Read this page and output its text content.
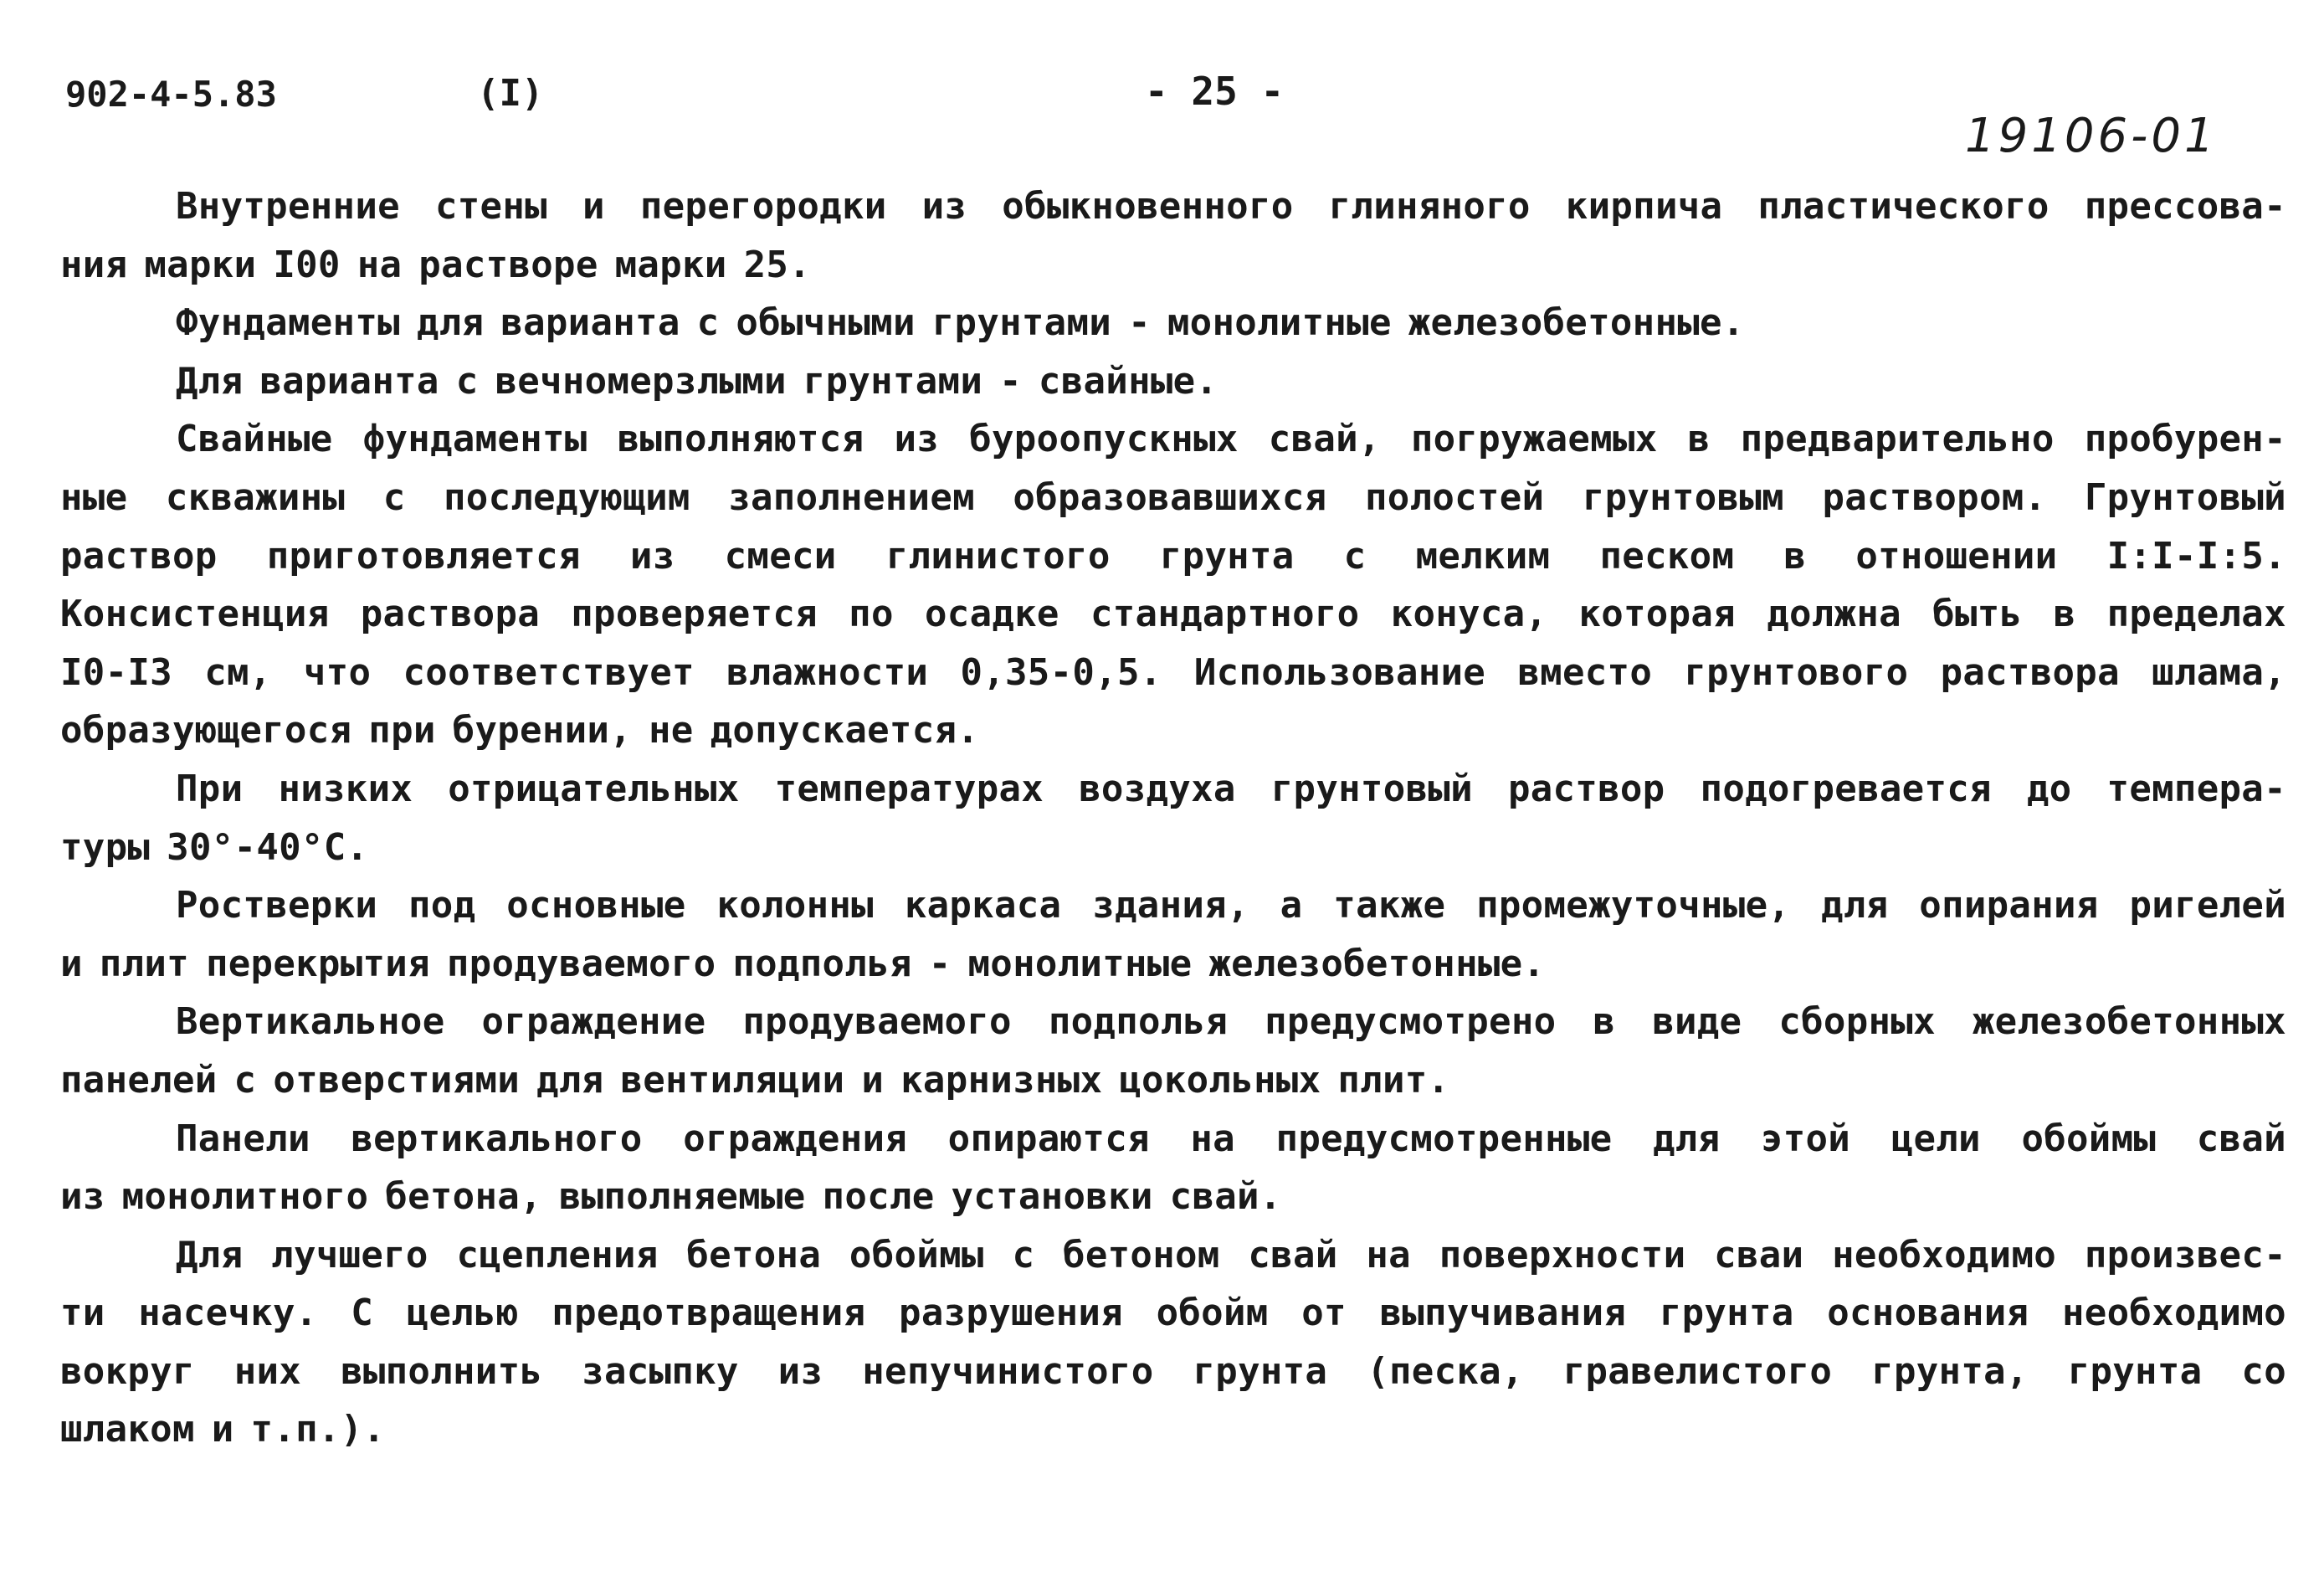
902-4-5.83	(I)	- 25 -
19106-01
Внутренние стены и перегородки из обыкновенного глиняного кирпича пластического прессова-
ния марки I00 на растворе марки 25.
Фундаменты для варианта с обычными грунтами - монолитные железобетонные.
Для варианта с вечномерзлыми грунтами - свайные.
Свайные фундаменты выполняются из буроопускных свай, погружаемых в предварительно пробурен-
ные скважины с последующим заполнением образовавшихся полостей грунтовым раствором. Грунтовый
раствор приготовляется из смеси глинистого грунта с мелким песком в отношении I:I-I:5.
Консистенция раствора проверяется по осадке стандартного конуса, которая должна быть в пределах
I0-I3 см, что соответствует влажности 0,35-0,5. Использование вместо грунтового раствора шлама,
образующегося при бурении, не допускается.
При низких отрицательных температурах воздуха грунтовый раствор подогревается до темпера-
туры 30°-40°С.
Ростверки под основные колонны каркаса здания, а также промежуточные, для опирания ригелей
и плит перекрытия продуваемого подполья - монолитные железобетонные.
Вертикальное ограждение продуваемого подполья предусмотрено в виде сборных железобетонных
панелей с отверстиями для вентиляции и карнизных цокольных плит.
Панели вертикального ограждения опираются на предусмотренные для этой цели обоймы свай
из монолитного бетона, выполняемые после установки свай.
Для лучшего сцепления бетона обоймы с бетоном свай на поверхности сваи необходимо произвес-
ти насечку. С целью предотвращения разрушения обойм от выпучивания грунта основания необходимо
вокруг них выполнить засыпку из непучинистого грунта (песка, гравелистого грунта, грунта со
шлаком и т.п.).
